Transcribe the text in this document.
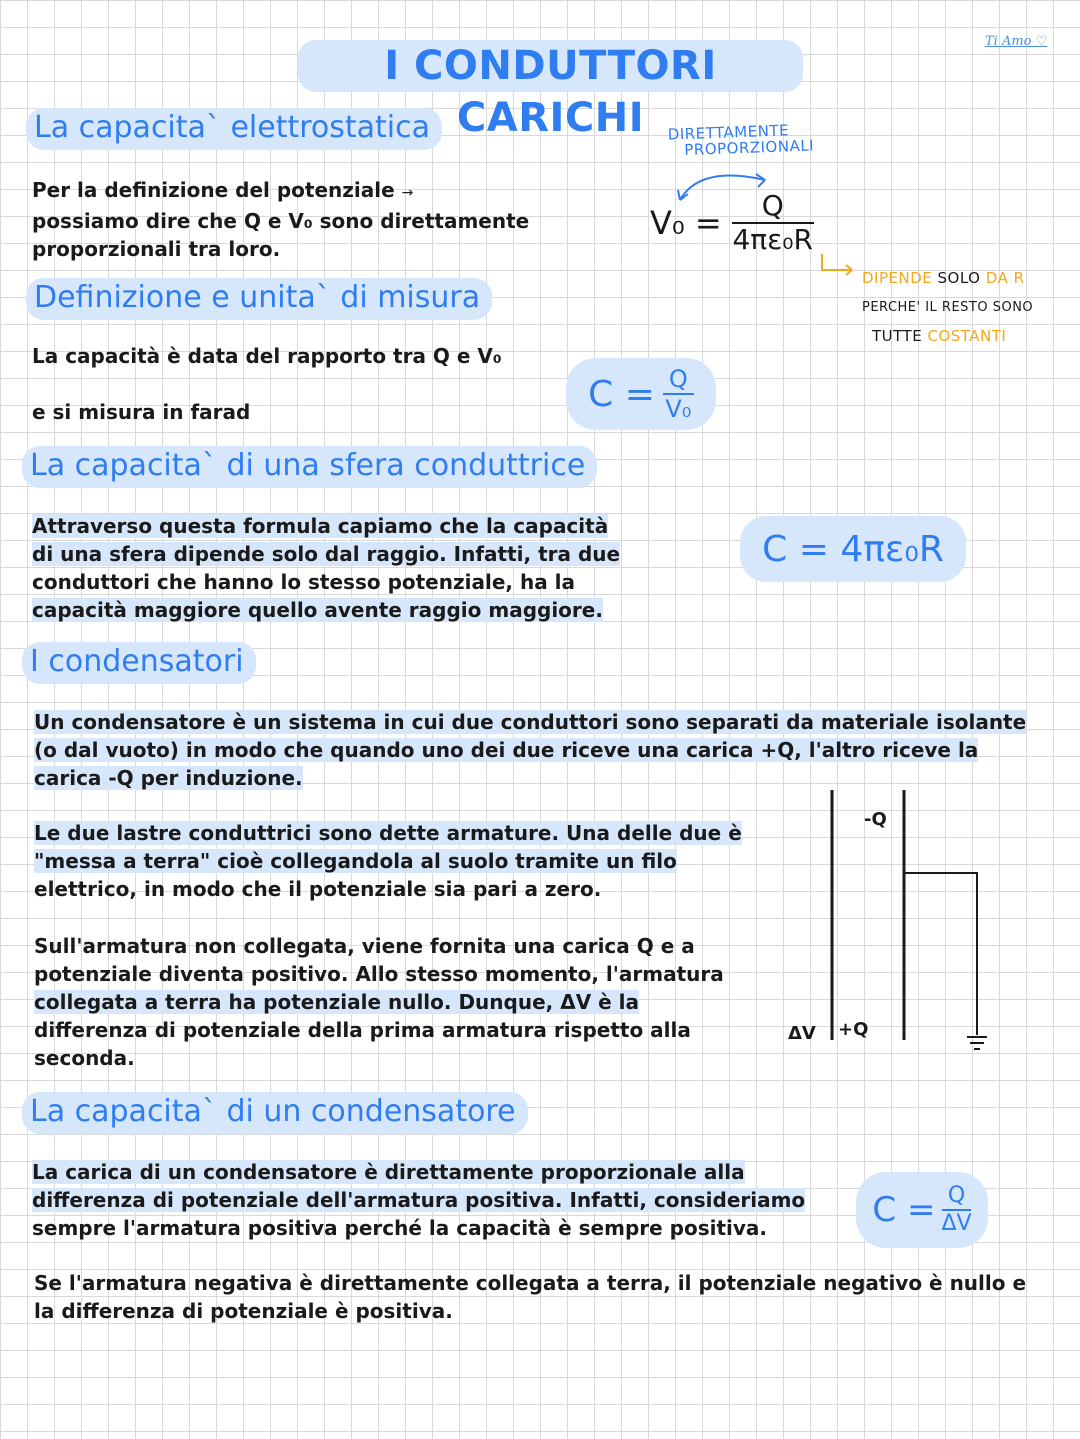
I CONDUTTORI CARICHI
Ti Amo ♡
La capacita` elettrostatica
Per la definizione del potenziale →
possiamo dire che Q e V₀ sono direttamente
proporzionali tra loro.
DIRETTAMENTE
PROPORZIONALI
$V_0 = \frac{Q}{\text{4πε₀R}}$
DIPENDE SOLO DA R
PERCHE' IL RESTO SONO
TUTTE COSTANTI
Definizione e unita` di misura
La capacità è data del rapporto tra Q e V₀
e si misura in farad	$C = \frac{Q}{\text{V₀}}$
La capacita` di una sfera conduttrice
Attraverso questa formula capiamo che la capacità
di una sfera dipende solo dal raggio. Infatti, tra due
conduttori che hanno lo stesso potenziale, ha la
capacità maggiore quello avente raggio maggiore.
C = 4πε₀R
I condensatori
Un condensatore è un sistema in cui due conduttori sono separati da materiale isolante
(o dal vuoto) in modo che quando uno dei due riceve una carica +Q, l'altro riceve la
carica -Q per induzione.
Le due lastre conduttrici sono dette armature. Una delle due è
"messa a terra" cioè collegandola al suolo tramite un filo
elettrico, in modo che il potenziale sia pari a zero.
Sull'armatura non collegata, viene fornita una carica Q e a
potenziale diventa positivo. Allo stesso momento, l'armatura
collegata a terra ha potenziale nullo. Dunque, ΔV è la
differenza di potenziale della prima armatura rispetto alla
seconda.
-Q
+Q
ΔV
La capacita` di un condensatore
La carica di un condensatore è direttamente proporzionale alla
differenza di potenziale dell'armatura positiva. Infatti, consideriamo
sempre l'armatura positiva perché la capacità è sempre positiva.	$C = \frac{Q}{\Delta V}$
Se l'armatura negativa è direttamente collegata a terra, il potenziale negativo è nullo e
la differenza di potenziale è positiva.
